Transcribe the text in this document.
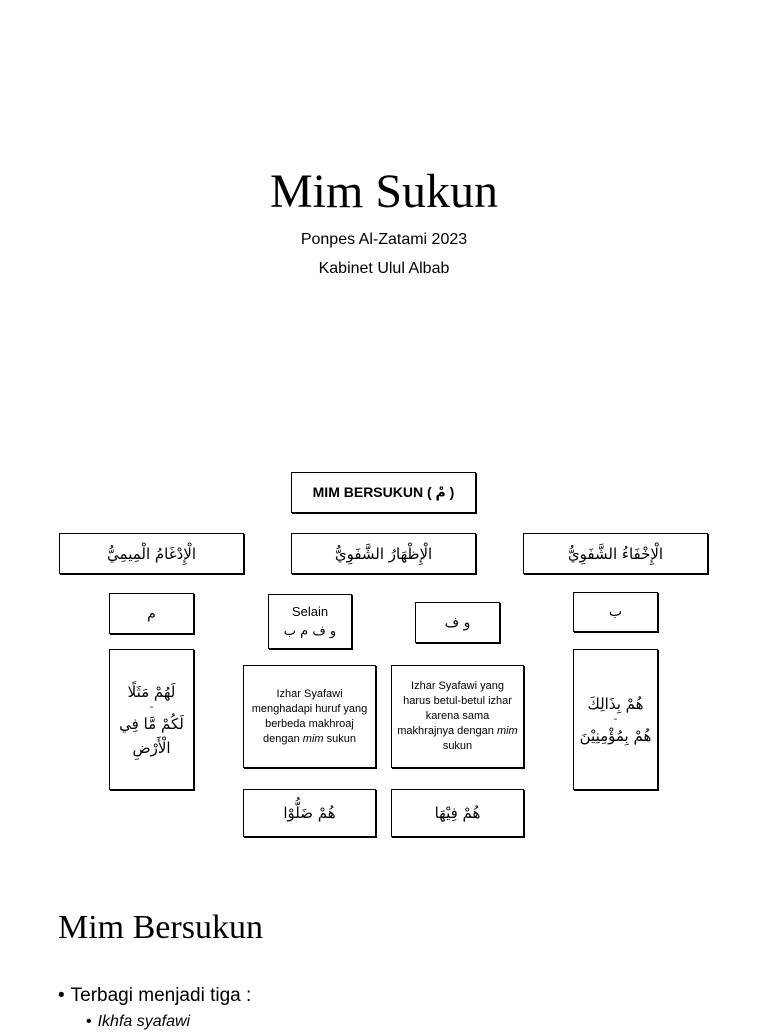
Mim Sukun
Ponpes Al-Zatami 2023
Kabinet Ulul Albab
MIM BERSUKUN ( مْ )
الْإِدْغَامُ الْمِيمِيُّ	الْإِظْهَارُ الشَّفَوِيُّ	الْإِخْفَاءُ الشَّفَوِيُّ
م	Selain
و ف م ب
و ف
ب
لَهُمْ مَثَلًا
-
لَكُمْ مَّا فِي
الْأَرْضِ
Izhar Syafawi menghadapi huruf yang berbeda makhroaj dengan mim sukun
Izhar Syafawi yang harus betul-betul izhar karena sama makhrajnya dengan mim sukun
هُمْ بِذَالِكَ
-
هُمْ بِمُؤْمِنِيْنَ
هُمْ ضَلُّوْا	هُمْ فِيْهَا
Mim Bersukun
• Terbagi menjadi tiga :
• Ikhfa syafawi
